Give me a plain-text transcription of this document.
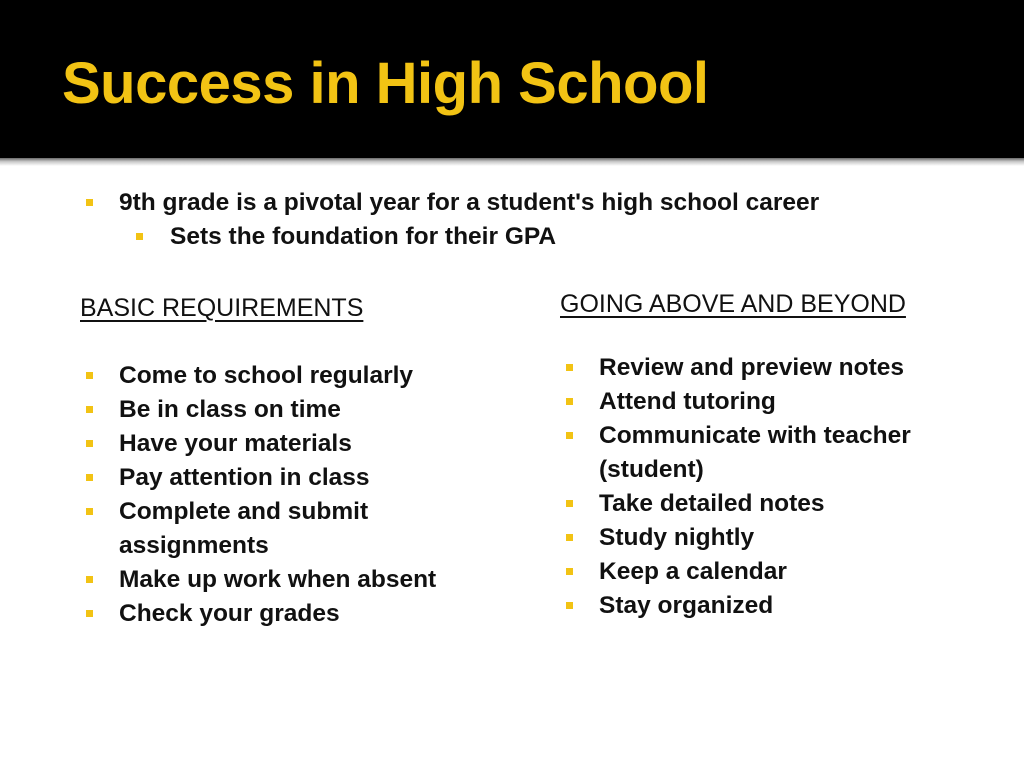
Success in High School
9th grade is a pivotal year for a student's high school career
Sets the foundation for their GPA
BASIC REQUIREMENTS	GOING ABOVE AND BEYOND
Come to school regularly
Be in class on time
Have your materials
Pay attention in class
Complete and submit assignments
Make up work when absent
Check your grades
Review and preview notes
Attend tutoring
Communicate with teacher (student)
Take detailed notes
Study nightly
Keep a calendar
Stay organized
